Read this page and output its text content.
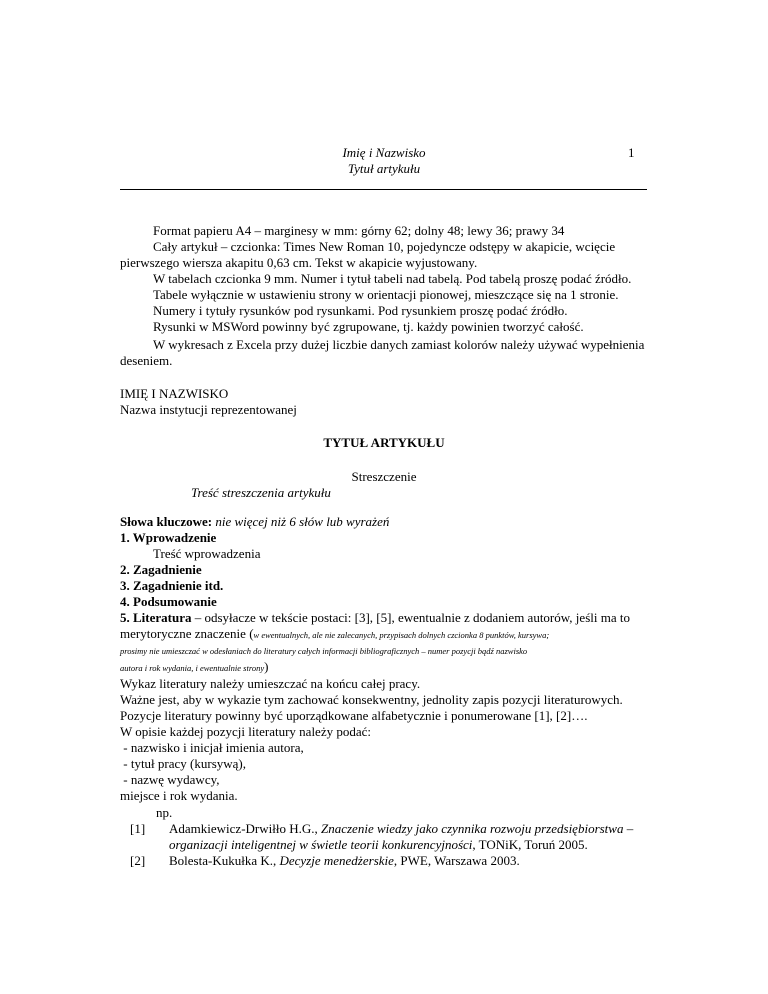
Imię i Nazwisko
Tytuł artykułu
1

Format papieru A4 – marginesy w mm: górny 62; dolny 48; lewy 36; prawy 34

Cały artykuł – czcionka: Times New Roman 10, pojedyncze odstępy w akapicie, wcięcie

pierwszego wiersza akapitu 0,63 cm. Tekst w akapicie wyjustowany.

W tabelach czcionka 9 mm. Numer i tytuł tabeli nad tabelą. Pod tabelą proszę podać źródło.

Tabele wyłącznie w ustawieniu strony w orientacji pionowej, mieszczące się na 1 stronie.

Numery i tytuły rysunków pod rysunkami. Pod rysunkiem proszę podać źródło.

Rysunki w MSWord powinny być zgrupowane, tj. każdy powinien tworzyć całość.

W wykresach z Excela przy dużej liczbie danych zamiast kolorów należy używać wypełnienia

deseniem.

IMIĘ I NAZWISKO
Nazwa instytucji reprezentowanej
TYTUŁ ARTYKUŁU
Streszczenie
Treść streszczenia artykułu
Słowa kluczowe: nie więcej niż 6 słów lub wyrażeń

1. Wprowadzenie

Treść wprowadzenia

2. Zagadnienie

3. Zagadnienie itd.

4. Podsumowanie

5. Literatura – odsyłacze w tekście postaci: [3], [5], ewentualnie z dodaniem autorów, jeśli ma to

merytoryczne znaczenie (w ewentualnych, ale nie zalecanych, przypisach dolnych czcionka 8 punktów, kursywa;

prosimy nie umieszczać w odesłaniach do literatury całych informacji bibliograficznych – numer pozycji bądź nazwisko

autora i rok wydania, i ewentualnie strony)

Wykaz literatury należy umieszczać na końcu całej pracy.

Ważne jest, aby w wykazie tym zachować konsekwentny, jednolity zapis pozycji literaturowych.

Pozycje literatury powinny być uporządkowane alfabetycznie i ponumerowane [1], [2]….

W opisie każdej pozycji literatury należy podać:

- nazwisko i inicjał imienia autora,

- tytuł pracy (kursywą),

- nazwę wydawcy,

miejsce i rok wydania.

np.
[1] Adamkiewicz-Drwiłło H.G., Znaczenie wiedzy jako czynnika rozwoju przedsiębiorstwa –

organizacji inteligentnej w świetle teorii konkurencyjności, TONiK, Toruń 2005.

[2] Bolesta-Kukułka K., Decyzje menedżerskie, PWE, Warszawa 2003.
